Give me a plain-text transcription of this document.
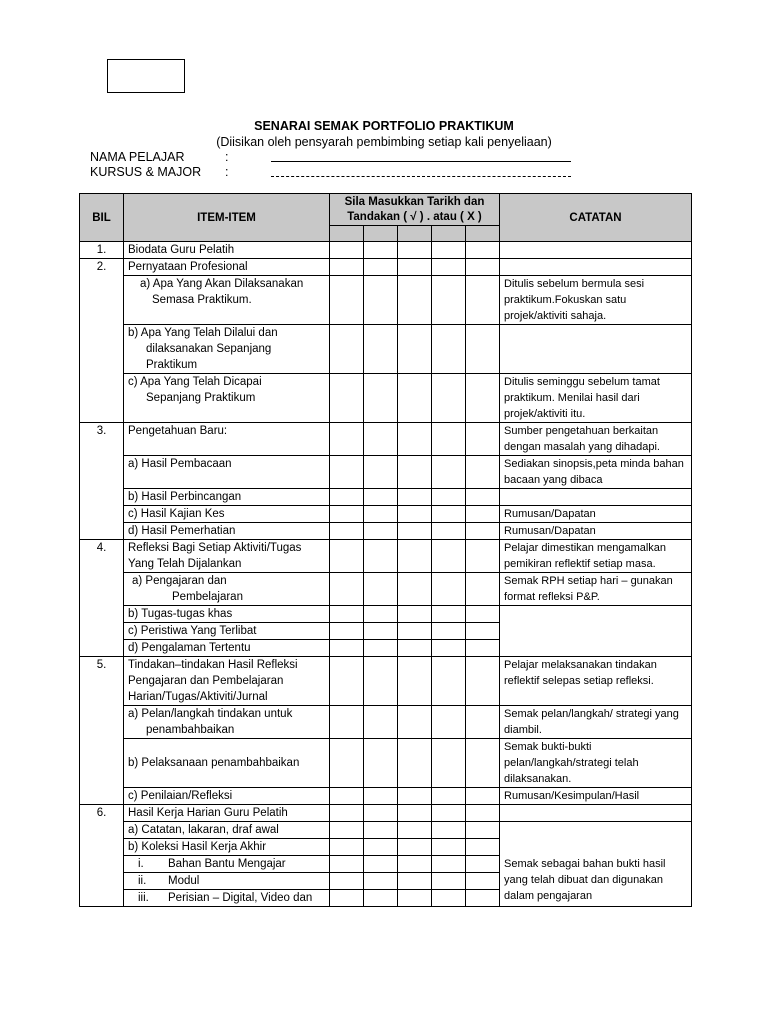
SENARAI SEMAK PORTFOLIO PRAKTIKUM
(Diisikan oleh pensyarah pembimbing setiap kali penyeliaan)
NAMA PELAJAR	:
KURSUS & MAJOR :
BIL	ITEM-ITEM	Sila Masukkan Tarikh dan
Tandakan ( √ ) . atau ( X )					CATATAN

1.	Biodata Guru Pelatih						
2.	Pernyataan Profesional						

	a) Apa Yang Akan Dilaksanakan
Semasa Praktikum.						Ditulis sebelum bermula sesi praktikum.Fokuskan satu projek/aktiviti sahaja.

	b) Apa Yang Telah Dilalui dan
dilaksanakan Sepanjang
Praktikum						

	c) Apa Yang Telah Dicapai
Sepanjang Praktikum						Ditulis seminggu sebelum tamat praktikum. Menilai hasil dari projek/aktiviti itu.
3.	Pengetahuan Baru:						Sumber pengetahuan berkaitan dengan masalah yang dihadapi.
	a) Hasil Pembacaan						Sediakan sinopsis,peta minda bahan bacaan yang dibaca
	b) Hasil Perbincangan						
	c) Hasil Kajian Kes						Rumusan/Dapatan
	d) Hasil Pemerhatian						Rumusan/Dapatan
4.	Refleksi Bagi Setiap Aktiviti/Tugas
Yang Telah Dijalankan						Pelajar dimestikan mengamalkan pemikiran reflektif setiap masa.

	a) Pengajaran dan
Pembelajaran						Semak RPH setiap hari – gunakan format refleksi P&P.
	b) Tugas-tugas khas						
	c) Peristiwa Yang Terlibat						
	d) Pengalaman Tertentu						
5.	Tindakan–tindakan Hasil Refleksi
Pengajaran dan Pembelajaran
Harian/Tugas/Aktiviti/Jurnal						Pelajar melaksanakan tindakan reflektif selepas setiap refleksi.

	a) Pelan/langkah tindakan untuk
penambahbaikan						Semak pelan/langkah/ strategi yang diambil.
	b) Pelaksanaan penambahbaikan						Semak bukti-bukti pelan/langkah/strategi telah dilaksanakan.
	c) Penilaian/Refleksi						Rumusan/Kesimpulan/Hasil
6.	Hasil Kerja Harian Guru Pelatih						
	a) Catatan, lakaran, draf awal						Semak sebagai bahan bukti hasil yang telah dibuat dan digunakan dalam pengajaran
	b) Koleksi Hasil Kerja Akhir						
	i. Bahan Bantu Mengajar						
	ii. Modul						
	iii. Perisian – Digital, Video dan						
